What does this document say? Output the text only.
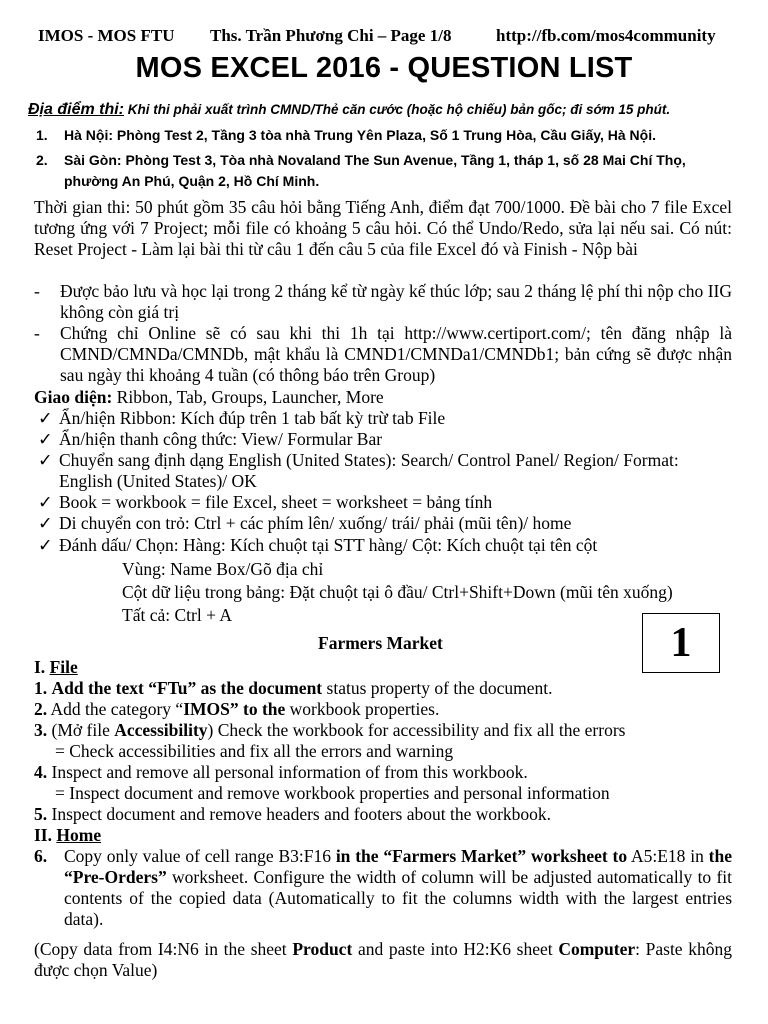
IMOS - MOS FTU Ths. Trần Phương Chi – Page 1/8	http://fb.com/mos4community
MOS EXCEL 2016 - QUESTION LIST
Địa điểm thi: Khi thi phải xuất trình CMND/Thẻ căn cước (hoặc hộ chiếu) bản gốc; đi sớm 15 phút.
1.	Hà Nội: Phòng Test 2, Tầng 3 tòa nhà Trung Yên Plaza, Số 1 Trung Hòa, Cầu Giấy, Hà Nội.
2.	Sài Gòn: Phòng Test 3, Tòa nhà Novaland The Sun Avenue, Tầng 1, tháp 1, số 28 Mai Chí Thọ, phường An Phú, Quận 2, Hồ Chí Minh.
Thời gian thi: 50 phút gồm 35 câu hỏi bằng Tiếng Anh, điểm đạt 700/1000. Đề bài cho 7 file Excel tương ứng với 7 Project; mỗi file có khoảng 5 câu hỏi. Có thể Undo/Redo, sửa lại nếu sai. Có nút: Reset Project - Làm lại bài thi từ câu 1 đến câu 5 của file Excel đó và Finish - Nộp bài
-	Được bảo lưu và học lại trong 2 tháng kể từ ngày kế thúc lớp; sau 2 tháng lệ phí thi nộp cho IIG không còn giá trị
-	Chứng chỉ Online sẽ có sau khi thi 1h tại http://www.certiport.com/; tên đăng nhập là CMND/CMNDa/CMNDb, mật khẩu là CMND1/CMNDa1/CMNDb1; bản cứng sẽ được nhận sau ngày thi khoảng 4 tuần (có thông báo trên Group)
Giao diện: Ribbon, Tab, Groups, Launcher, More
✓ Ẩn/hiện Ribbon: Kích đúp trên 1 tab bất kỳ trừ tab File
✓ Ẩn/hiện thanh công thức: View/ Formular Bar
✓ Chuyển sang định dạng English (United States): Search/ Control Panel/ Region/ Format: English (United States)/ OK
✓ Book = workbook = file Excel, sheet = worksheet = bảng tính
✓ Di chuyển con trỏ: Ctrl + các phím lên/ xuống/ trái/ phải (mũi tên)/ home
✓ Đánh dấu/ Chọn: Hàng: Kích chuột tại STT hàng/ Cột: Kích chuột tại tên cột
Vùng: Name Box/Gõ địa chỉ
Cột dữ liệu trong bảng: Đặt chuột tại ô đầu/ Ctrl+Shift+Down (mũi tên xuống)
Tất cả: Ctrl + A
Farmers Market	1
I. File
1. Add the text “FTu” as the document status property of the document.
2. Add the category “IMOS” to the workbook properties.
3. (Mở file Accessibility) Check the workbook for accessibility and fix all the errors
= Check accessibilities and fix all the errors and warning
4. Inspect and remove all personal information of from this workbook.
= Inspect document and remove workbook properties and personal information
5. Inspect document and remove headers and footers about the workbook.
II. Home
6. Copy only value of cell range B3:F16 in the “Farmers Market” worksheet to A5:E18 in the “Pre-Orders” worksheet. Configure the width of column will be adjusted automatically to fit contents of the copied data (Automatically to fit the columns width with the largest entries data).
(Copy data from I4:N6 in the sheet Product and paste into H2:K6 sheet Computer: Paste không được chọn Value)
